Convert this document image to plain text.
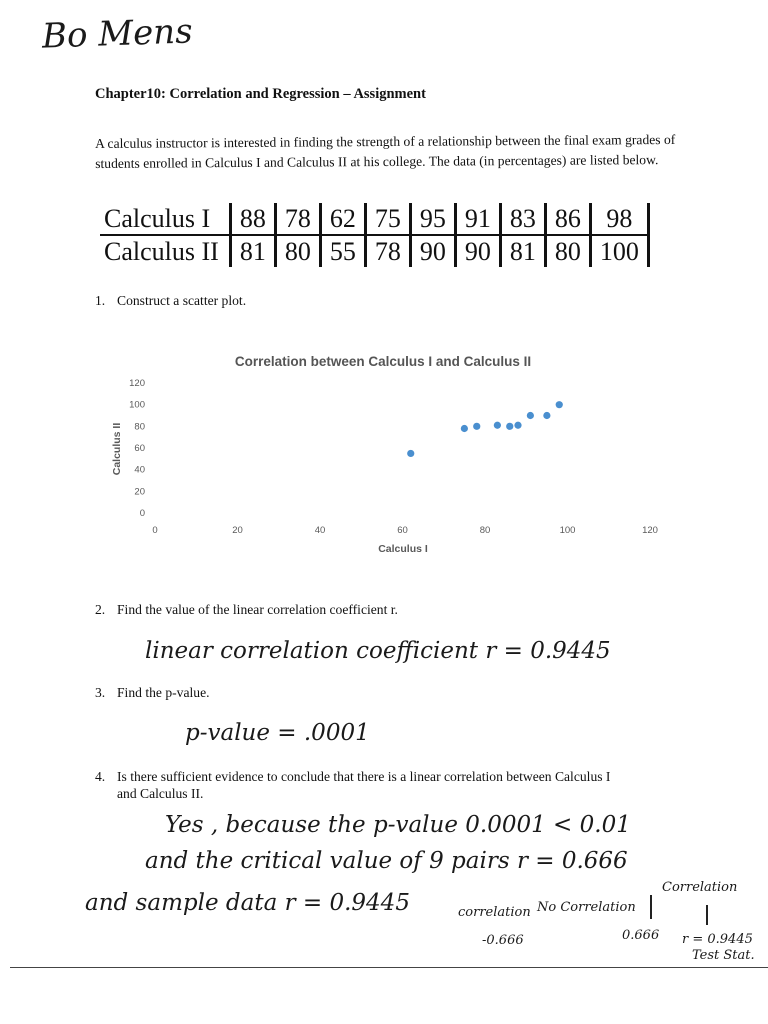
Bo Mens
Chapter10: Correlation and Regression – Assignment
A calculus instructor is interested in finding the strength of a relationship between the final exam grades of students enrolled in Calculus I and Calculus II at his college. The data (in percentages) are listed below.
Calculus I	88	78	62	75	95	91	83	86	98
Calculus II	81	80	55	78	90	90	81	80	100
1. Construct a scatter plot.
Correlation between Calculus I and Calculus II
Calculus II
Calculus I
0	20	40	60	80	100	120
0
20
40
60
80
100
120
2. Find the value of the linear correlation coefficient r.
linear correlation coefficient r = 0.9445
3. Find the p-value.
p-value = .0001
4. Is there sufficient evidence to conclude that there is a linear correlation between Calculus I
and Calculus II.
Yes , because the p-value 0.0001 < 0.01
and the critical value of 9 pairs r = 0.666
and sample data r = 0.9445	correlation No Correlation
Correlation
-0.666	0.666 r = 0.9445
Test Stat.
